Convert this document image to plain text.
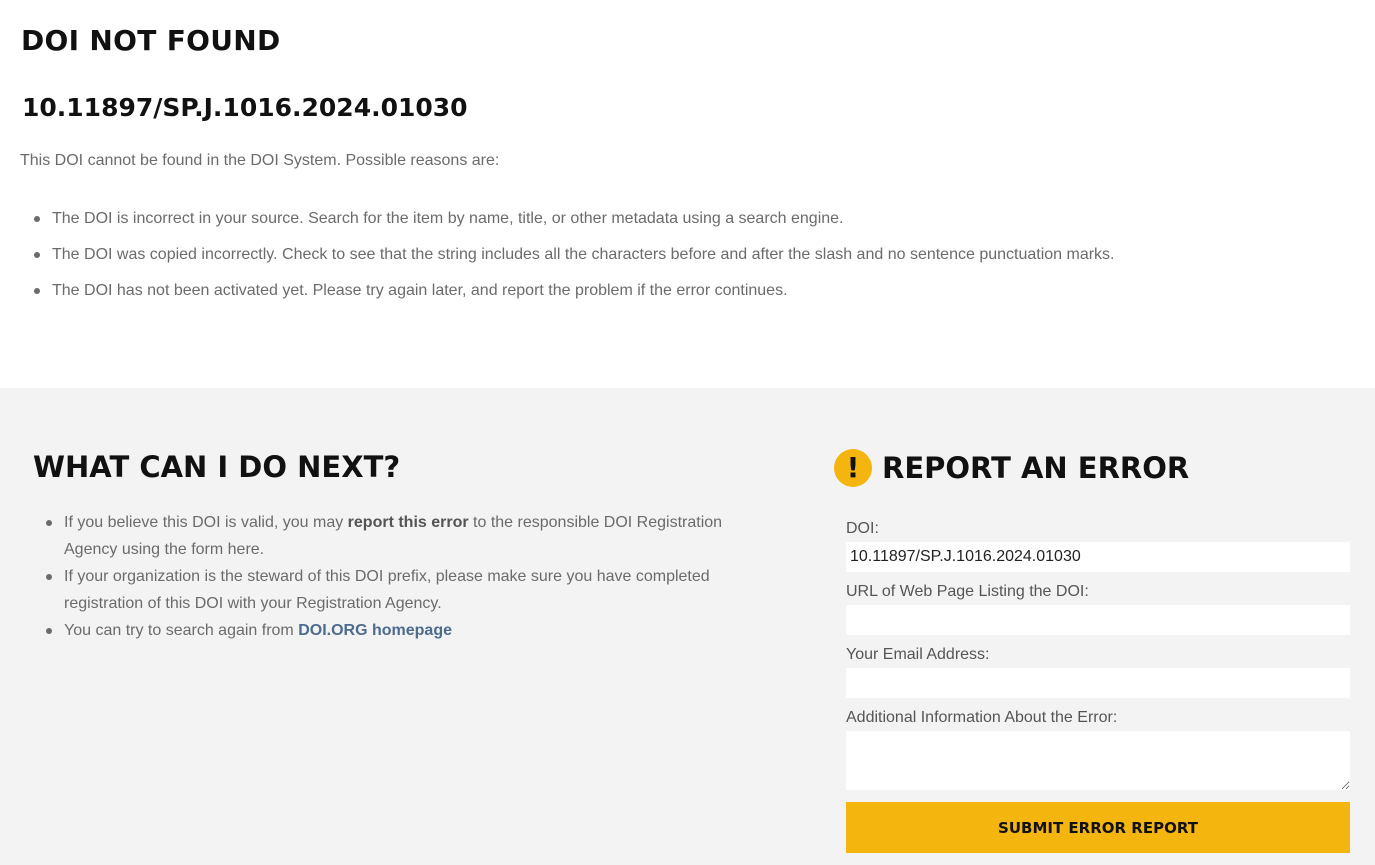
DOI NOT FOUND
10.11897/SP.J.1016.2024.01030
This DOI cannot be found in the DOI System. Possible reasons are:
The DOI is incorrect in your source. Search for the item by name, title, or other metadata using a search engine.
The DOI was copied incorrectly. Check to see that the string includes all the characters before and after the slash and no sentence punctuation marks.
The DOI has not been activated yet. Please try again later, and report the problem if the error continues.
WHAT CAN I DO NEXT?
If you believe this DOI is valid, you may report this error to the responsible DOI Registration Agency using the form here.
If your organization is the steward of this DOI prefix, please make sure you have completed registration of this DOI with your Registration Agency.
You can try to search again from DOI.ORG homepage
! REPORT AN ERROR
DOI:
10.11897/SP.J.1016.2024.01030
URL of Web Page Listing the DOI:
Your Email Address:
Additional Information About the Error:
SUBMIT ERROR REPORT
